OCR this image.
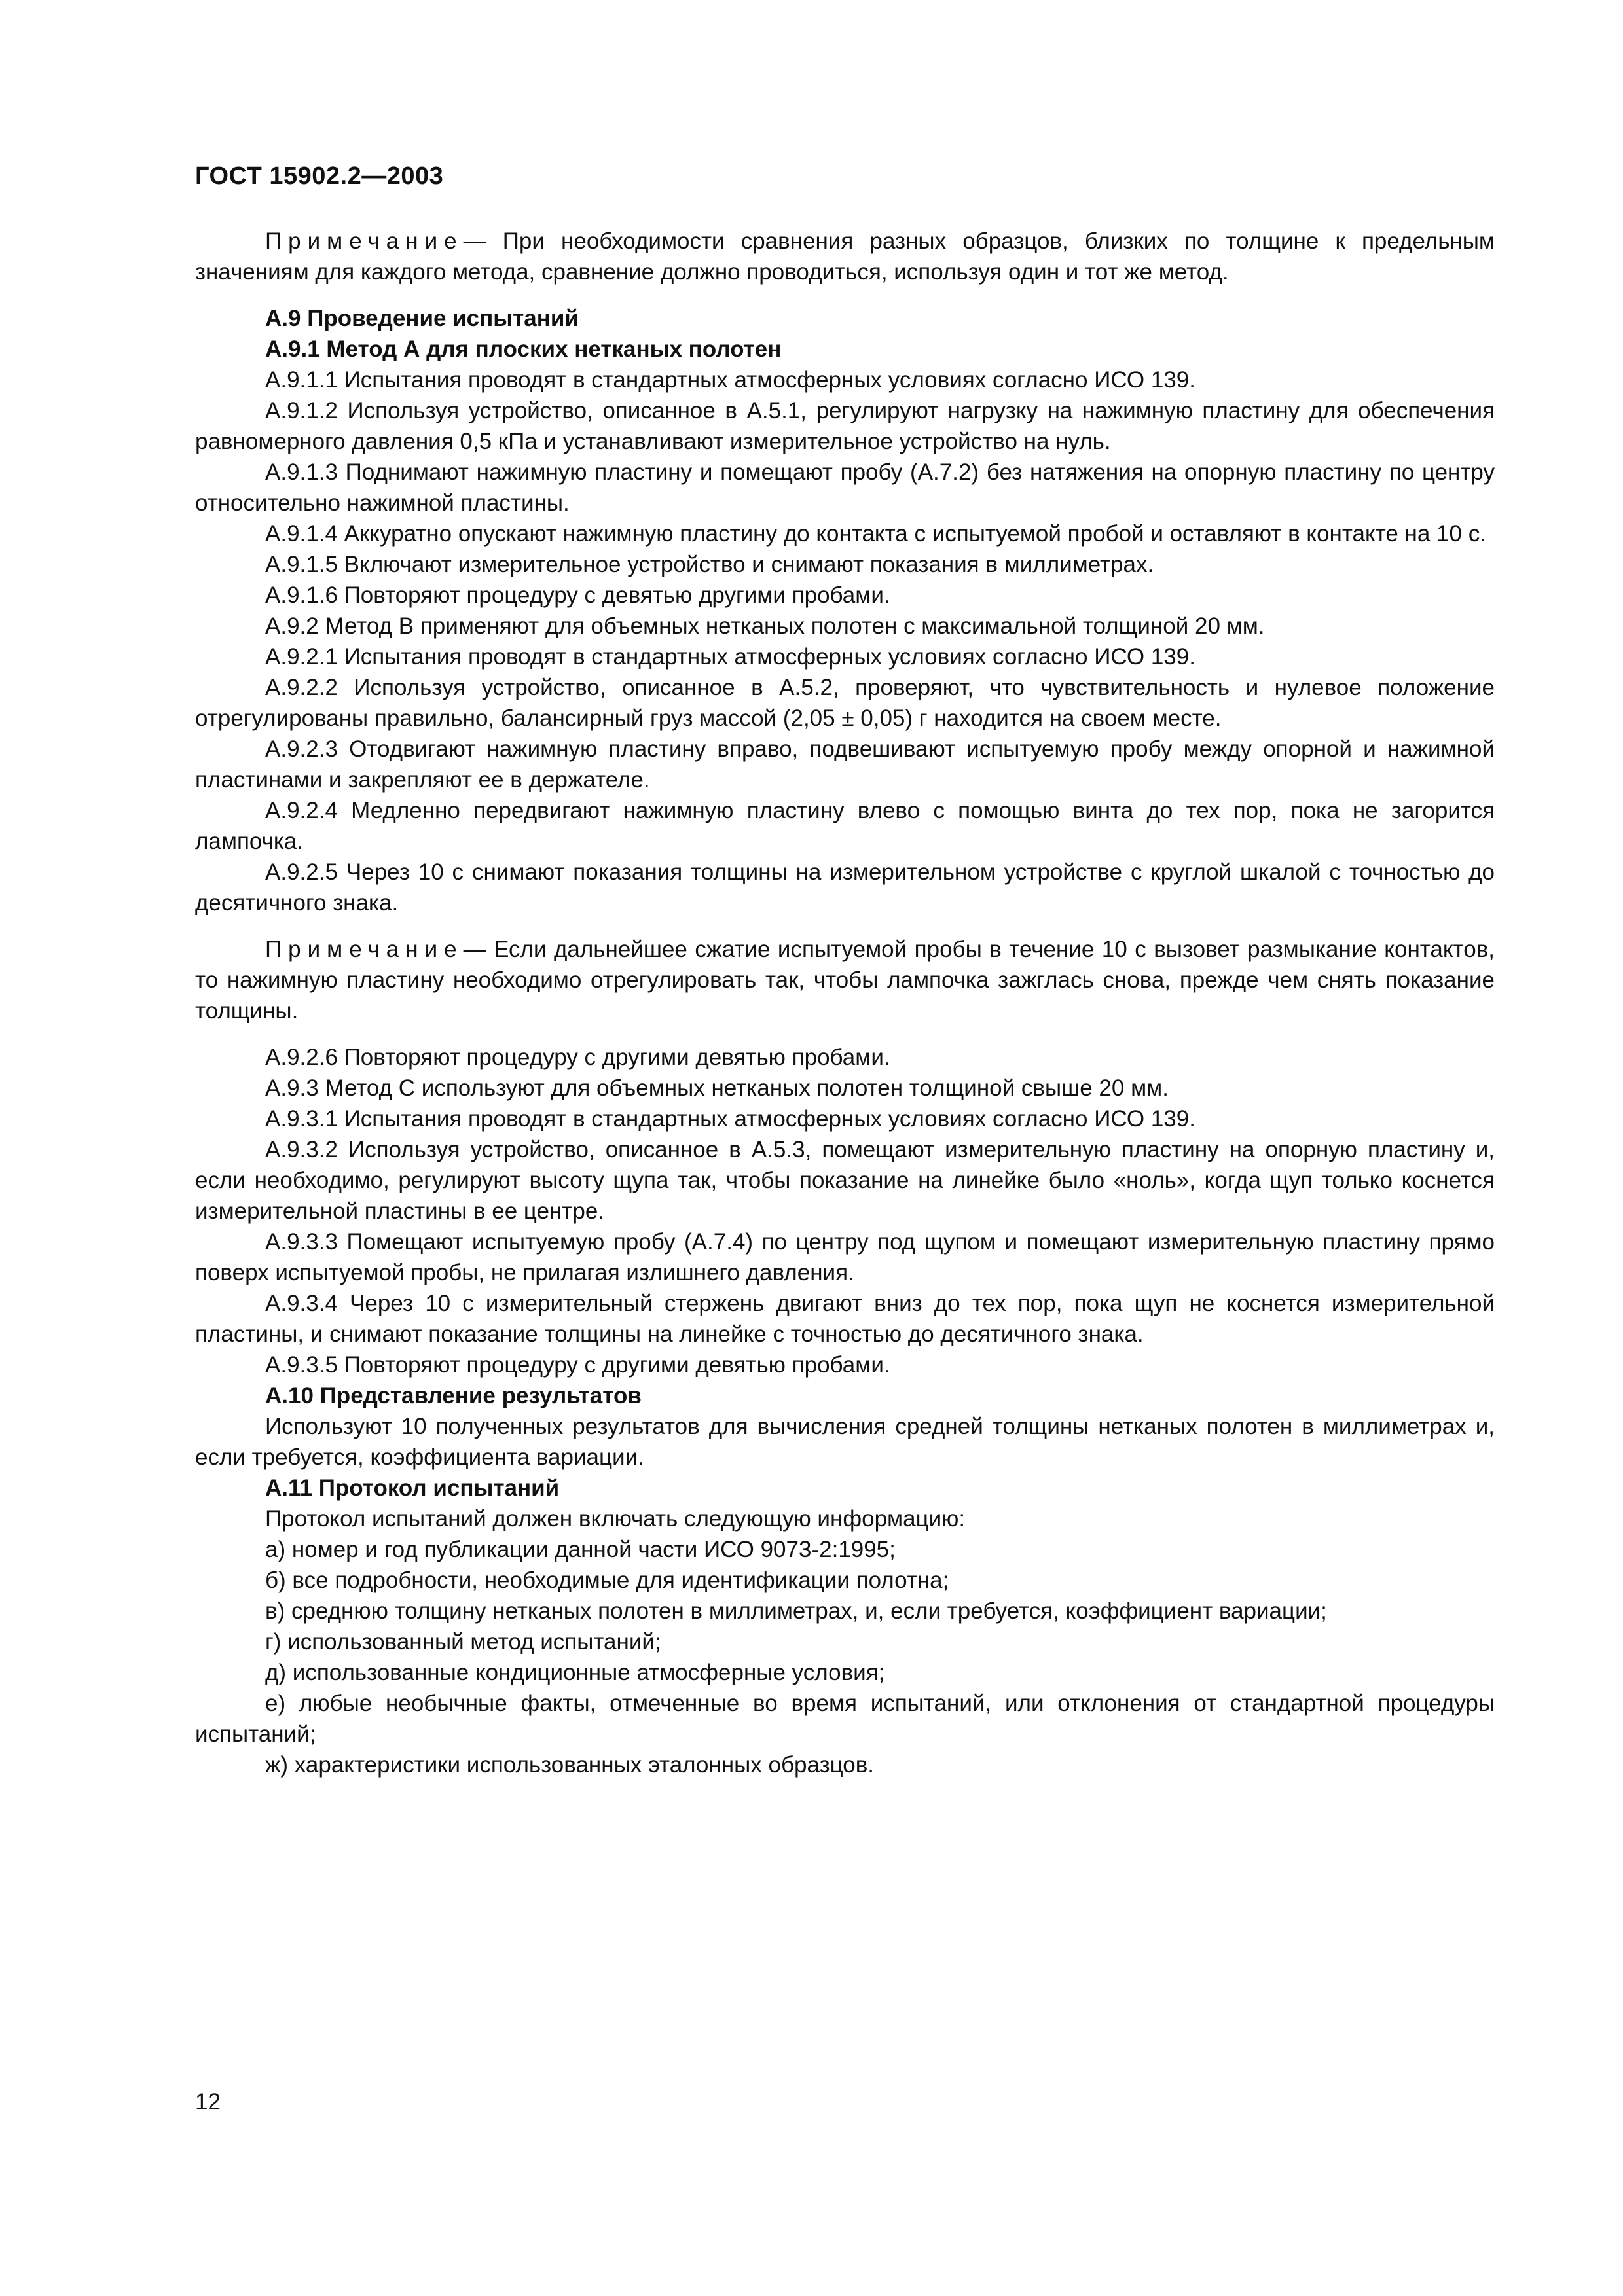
ГОСТ 15902.2—2003

Примечание— При необходимости сравнения разных образцов, близких по толщине к предельным значениям для каждого метода, сравнение должно проводиться, используя один и тот же метод.

А.9 Проведение испытаний

А.9.1 Метод А для плоских нетканых полотен

А.9.1.1 Испытания проводят в стандартных атмосферных условиях согласно ИСО 139.

А.9.1.2 Используя устройство, описанное в А.5.1, регулируют нагрузку на нажимную пластину для обеспечения равномерного давления 0,5 кПа и устанавливают измерительное устройство на нуль.

А.9.1.3 Поднимают нажимную пластину и помещают пробу (А.7.2) без натяжения на опорную пластину по центру относительно нажимной пластины.

А.9.1.4 Аккуратно опускают нажимную пластину до контакта с испытуемой пробой и оставляют в контакте на 10 с.

А.9.1.5 Включают измерительное устройство и снимают показания в миллиметрах.

А.9.1.6 Повторяют процедуру с девятью другими пробами.

А.9.2 Метод В применяют для объемных нетканых полотен с максимальной толщиной 20 мм.

А.9.2.1 Испытания проводят в стандартных атмосферных условиях согласно ИСО 139.

А.9.2.2 Используя устройство, описанное в А.5.2, проверяют, что чувствительность и нулевое положение отрегулированы правильно, балансирный груз массой (2,05 ± 0,05) г находится на своем месте.

А.9.2.3 Отодвигают нажимную пластину вправо, подвешивают испытуемую пробу между опорной и нажимной пластинами и закрепляют ее в держателе.

А.9.2.4 Медленно передвигают нажимную пластину влево с помощью винта до тех пор, пока не загорится лампочка.

А.9.2.5 Через 10 с снимают показания толщины на измерительном устройстве с круглой шкалой с точностью до десятичного знака.

Примечание— Если дальнейшее сжатие испытуемой пробы в течение 10 с вызовет размыкание контактов, то нажимную пластину необходимо отрегулировать так, чтобы лампочка зажглась снова, прежде чем снять показание толщины.

А.9.2.6 Повторяют процедуру с другими девятью пробами.

А.9.3 Метод С используют для объемных нетканых полотен толщиной свыше 20 мм.

А.9.3.1 Испытания проводят в стандартных атмосферных условиях согласно ИСО 139.

А.9.3.2 Используя устройство, описанное в А.5.3, помещают измерительную пластину на опорную пластину и, если необходимо, регулируют высоту щупа так, чтобы показание на линейке было «ноль», когда щуп только коснется измерительной пластины в ее центре.

А.9.3.3 Помещают испытуемую пробу (А.7.4) по центру под щупом и помещают измерительную пластину прямо поверх испытуемой пробы, не прилагая излишнего давления.

А.9.3.4 Через 10 с измерительный стержень двигают вниз до тех пор, пока щуп не коснется измерительной пластины, и снимают показание толщины на линейке с точностью до десятичного знака.

А.9.3.5 Повторяют процедуру с другими девятью пробами.

А.10 Представление результатов

Используют 10 полученных результатов для вычисления средней толщины нетканых полотен в миллиметрах и, если требуется, коэффициента вариации.

А.11 Протокол испытаний

Протокол испытаний должен включать следующую информацию:

а) номер и год публикации данной части ИСО 9073-2:1995;

б) все подробности, необходимые для идентификации полотна;

в) среднюю толщину нетканых полотен в миллиметрах, и, если требуется, коэффициент вариации;

г) использованный метод испытаний;

д) использованные кондиционные атмосферные условия;

е) любые необычные факты, отмеченные во время испытаний, или отклонения от стандартной процедуры испытаний;

ж) характеристики использованных эталонных образцов.

12
